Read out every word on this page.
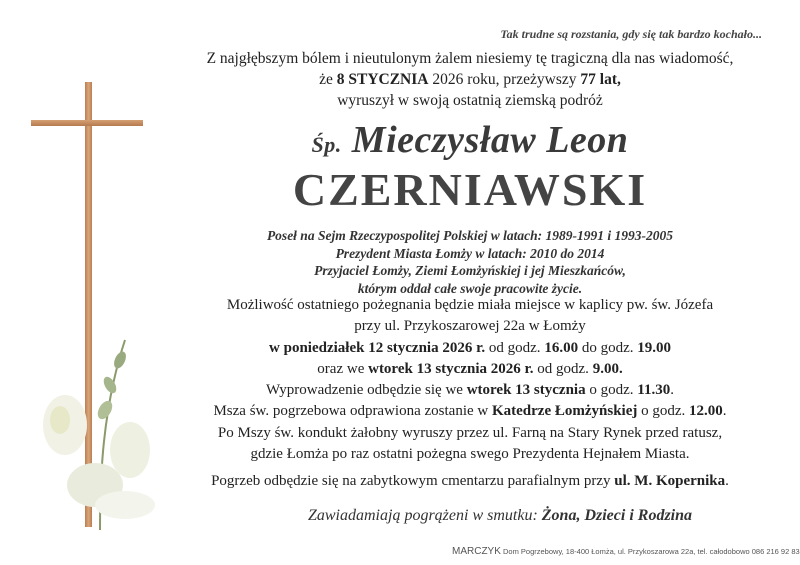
Tak trudne są rozstania, gdy się tak bardzo kochało...
Z najgłębszym bólem i nieutulonym żalem niesiemy tę tragiczną dla nas wiadomość,
że 8 STYCZNIA 2026 roku, przeżywszy 77 lat,
wyruszył w swoją ostatnią ziemską podróż
Śp. Mieczysław Leon
CZERNIAWSKI
Poseł na Sejm Rzeczypospolitej Polskiej w latach: 1989-1991 i 1993-2005
Prezydent Miasta Łomży w latach: 2010 do 2014
Przyjaciel Łomży, Ziemi Łomżyńskiej i jej Mieszkańców,
którym oddał całe swoje pracowite życie.
Możliwość ostatniego pożegnania będzie miała miejsce w kaplicy pw. św. Józefa
przy ul. Przykoszarowej 22a w Łomży
w poniedziałek 12 stycznia 2026 r. od godz. 16.00 do godz. 19.00
oraz we wtorek 13 stycznia 2026 r. od godz. 9.00.
Wyprowadzenie odbędzie się we wtorek 13 stycznia o godz. 11.30.
Msza św. pogrzebowa odprawiona zostanie w Katedrze Łomżyńskiej o godz. 12.00.
Po Mszy św. kondukt żałobny wyruszy przez ul. Farną na Stary Rynek przed ratusz,
gdzie Łomża po raz ostatni pożegna swego Prezydenta Hejnałem Miasta.
Pogrzeb odbędzie się na zabytkowym cmentarzu parafialnym przy ul. M. Kopernika.
Zawiadamiają pogrążeni w smutku: Żona, Dzieci i Rodzina
MARCZYK Dom Pogrzebowy, 18-400 Łomża, ul. Przykoszarowa 22a, tel. całodobowo 086 216 92 83
